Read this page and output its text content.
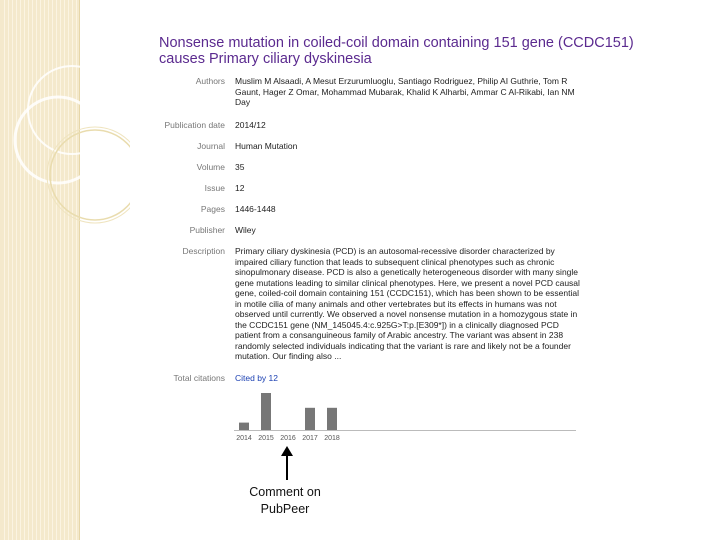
Nonsense mutation in coiled-coil domain containing 151 gene (CCDC151) causes Primary ciliary dyskinesia
Authors Muslim M Alsaadi, A Mesut Erzurumluoglu, Santiago Rodriguez, Philip AI Guthrie, Tom R Gaunt, Hager Z Omar, Mohammad Mubarak, Khalid K Alharbi, Ammar C Al-Rikabi, Ian NM Day
Publication date 2014/12
Journal Human Mutation
Volume 35
Issue 12
Pages 1446-1448
Publisher Wiley
Description Primary ciliary dyskinesia (PCD) is an autosomal-recessive disorder characterized by impaired ciliary function that leads to subsequent clinical phenotypes such as chronic sinopulmonary disease. PCD is also a genetically heterogeneous disorder with many single gene mutations leading to similar clinical phenotypes. Here, we present a novel PCD causal gene, coiled-coil domain containing 151 (CCDC151), which has been shown to be essential in motile cilia of many animals and other vertebrates but its effects in humans was not observed until currently. We observed a novel nonsense mutation in a homozygous state in the CCDC151 gene (NM_145045.4:c.925G>T:p.[E309*]) in a clinically diagnosed PCD patient from a consanguineous family of Arabic ancestry. The variant was absent in 238 randomly selected individuals indicating that the variant is rare and likely not be a founder mutation. Our finding also ...
Total citations Cited by 12
2014 2015 2016 2017 2018
Comment on PubPeer
